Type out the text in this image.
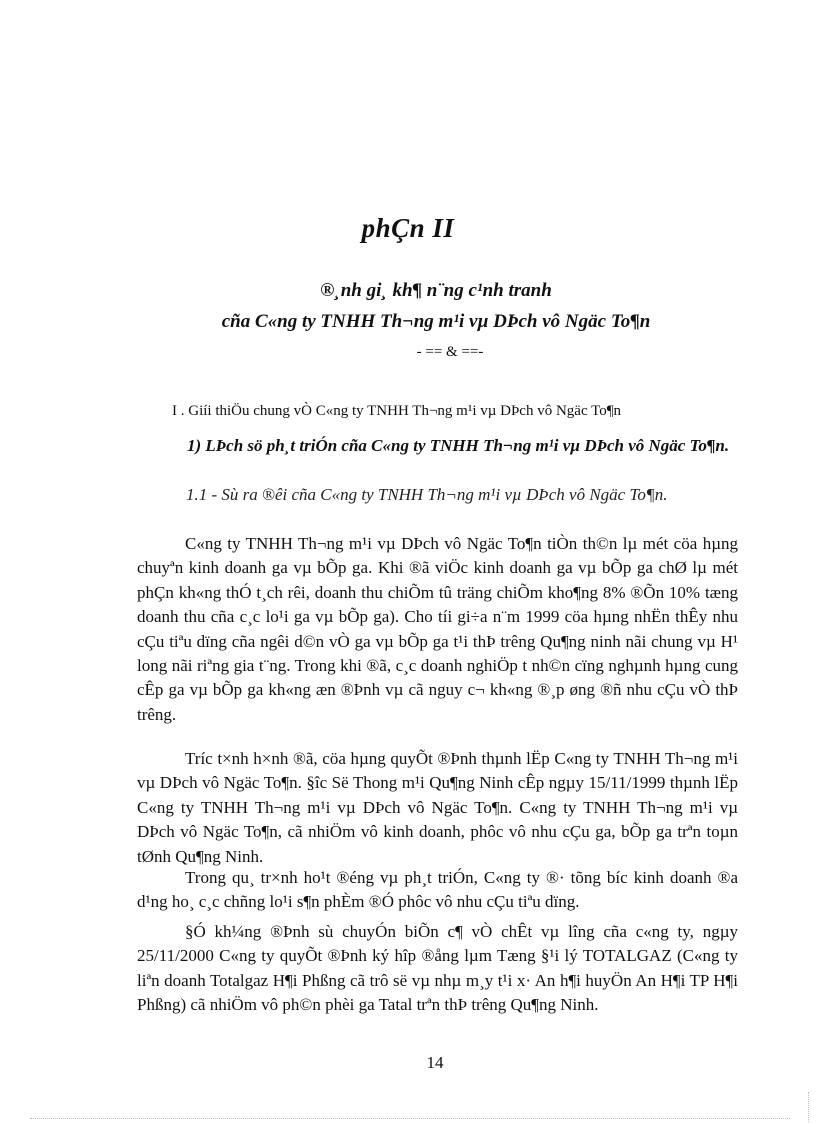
phÇn II
®¸nh gi¸ kh¶ n¨ng c¹nh tranh
cña C«ng ty TNHH Th¬ng m¹i vµ DÞch vô Ngäc To¶n
- == & ==-
I . Giíi thiÖu chung vÒ C«ng ty TNHH Th¬ng m¹i vµ DÞch vô Ngäc To¶n
1) LÞch sö ph¸t triÓn cña C«ng ty TNHH Th¬ng m¹i vµ DÞch vô Ngäc To¶n.
1.1 - Sù ra ®êi cña C«ng ty TNHH Th¬ng m¹i vµ DÞch vô Ngäc To¶n.

C«ng ty TNHH Th¬ng m¹i vµ DÞch vô Ngäc To¶n tiÒn th©n lµ mét cöa hµng chuyªn kinh doanh ga vµ bÕp ga. Khi ®ã viÖc kinh doanh ga vµ bÕp ga chØ lµ mét phÇn kh«ng thÓ t¸ch rêi, doanh thu chiÕm tû träng chiÕm kho¶ng 8% ®Õn 10% tæng doanh thu cña c¸c lo¹i ga vµ bÕp ga). Cho tíi gi÷a n¨m 1999 cöa hµng nhËn thÊy nhu cÇu tiªu dïng cña ngêi d©n vÒ ga vµ bÕp ga t¹i thÞ trêng Qu¶ng ninh nãi chung vµ H¹ long nãi riªng gia t¨ng. Trong khi ®ã, c¸c doanh nghiÖp t nh©n cïng nghµnh hµng cung cÊp ga vµ bÕp ga kh«ng æn ®Þnh vµ cã nguy c¬ kh«ng ®¸p øng ®ñ nhu cÇu vÒ thÞ trêng.

Tríc t×nh h×nh ®ã, cöa hµng quyÕt ®Þnh thµnh lËp C«ng ty TNHH Th¬ng m¹i vµ DÞch vô Ngäc To¶n. §îc Së Thong m¹i Qu¶ng Ninh cÊp ngµy 15/11/1999 thµnh lËp C«ng ty TNHH Th¬ng m¹i vµ DÞch vô Ngäc To¶n. C«ng ty TNHH Th¬ng m¹i vµ DÞch vô Ngäc To¶n, cã nhiÖm vô kinh doanh, phôc vô nhu cÇu ga, bÕp ga trªn toµn tØnh Qu¶ng Ninh.

Trong qu¸ tr×nh ho¹t ®éng vµ ph¸t triÓn, C«ng ty ®· tõng bíc kinh doanh ®a d¹ng ho¸ c¸c chñng lo¹i s¶n phÈm ®Ó phôc vô nhu cÇu tiªu dïng.

§Ó kh¼ng ®Þnh sù chuyÓn biÕn c¶ vÒ chÊt vµ lîng cña c«ng ty, ngµy 25/11/2000 C«ng ty quyÕt ®Þnh ký hîp ®ång lµm Tæng §¹i lý TOTALGAZ (C«ng ty liªn doanh Totalgaz H¶i Phßng cã trô së vµ nhµ m¸y t¹i x· An h¶i huyÖn An H¶i TP H¶i Phßng) cã nhiÖm vô ph©n phèi ga Tatal trªn thÞ trêng Qu¶ng Ninh.

14
